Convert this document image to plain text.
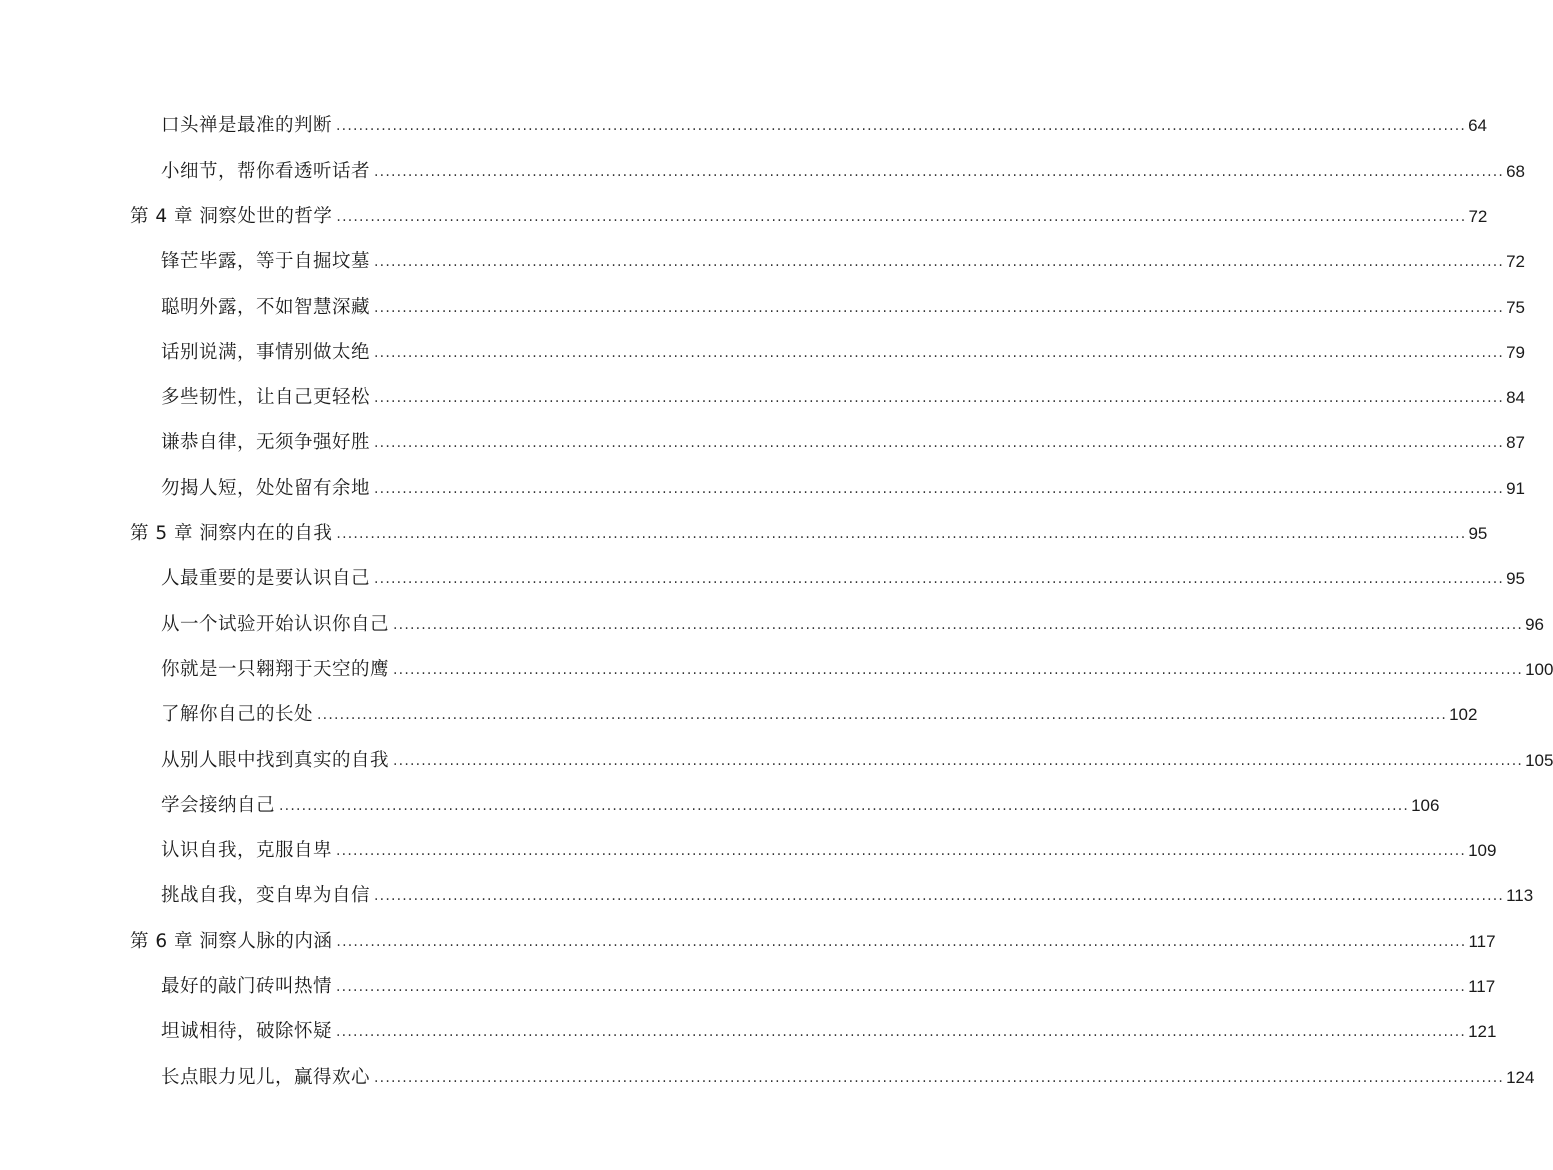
口头禅是最准的判断 ........................................................................................................................................................................................................ 64
小细节，帮你看透听话者 ........................................................................................................................................................................................................ 68
第 4 章 洞察处世的哲学 ........................................................................................................................................................................................................ 72
锋芒毕露，等于自掘坟墓 ........................................................................................................................................................................................................ 72
聪明外露，不如智慧深藏 ........................................................................................................................................................................................................ 75
话别说满，事情别做太绝 ........................................................................................................................................................................................................ 79
多些韧性，让自己更轻松 ........................................................................................................................................................................................................ 84
谦恭自律，无须争强好胜 ........................................................................................................................................................................................................ 87
勿揭人短，处处留有余地 ........................................................................................................................................................................................................ 91
第 5 章 洞察内在的自我 ........................................................................................................................................................................................................ 95
人最重要的是要认识自己 ........................................................................................................................................................................................................ 95
从一个试验开始认识你自己 ........................................................................................................................................................................................................ 96
你就是一只翱翔于天空的鹰 ........................................................................................................................................................................................................ 100
了解你自己的长处 ........................................................................................................................................................................................................ 102
从别人眼中找到真实的自我 ........................................................................................................................................................................................................ 105
学会接纳自己 ........................................................................................................................................................................................................ 106
认识自我，克服自卑 ........................................................................................................................................................................................................ 109
挑战自我，变自卑为自信 ........................................................................................................................................................................................................ 113
第 6 章 洞察人脉的内涵 ........................................................................................................................................................................................................ 117
最好的敲门砖叫热情 ........................................................................................................................................................................................................ 117
坦诚相待，破除怀疑 ........................................................................................................................................................................................................ 121
长点眼力见儿，赢得欢心 ........................................................................................................................................................................................................ 124
